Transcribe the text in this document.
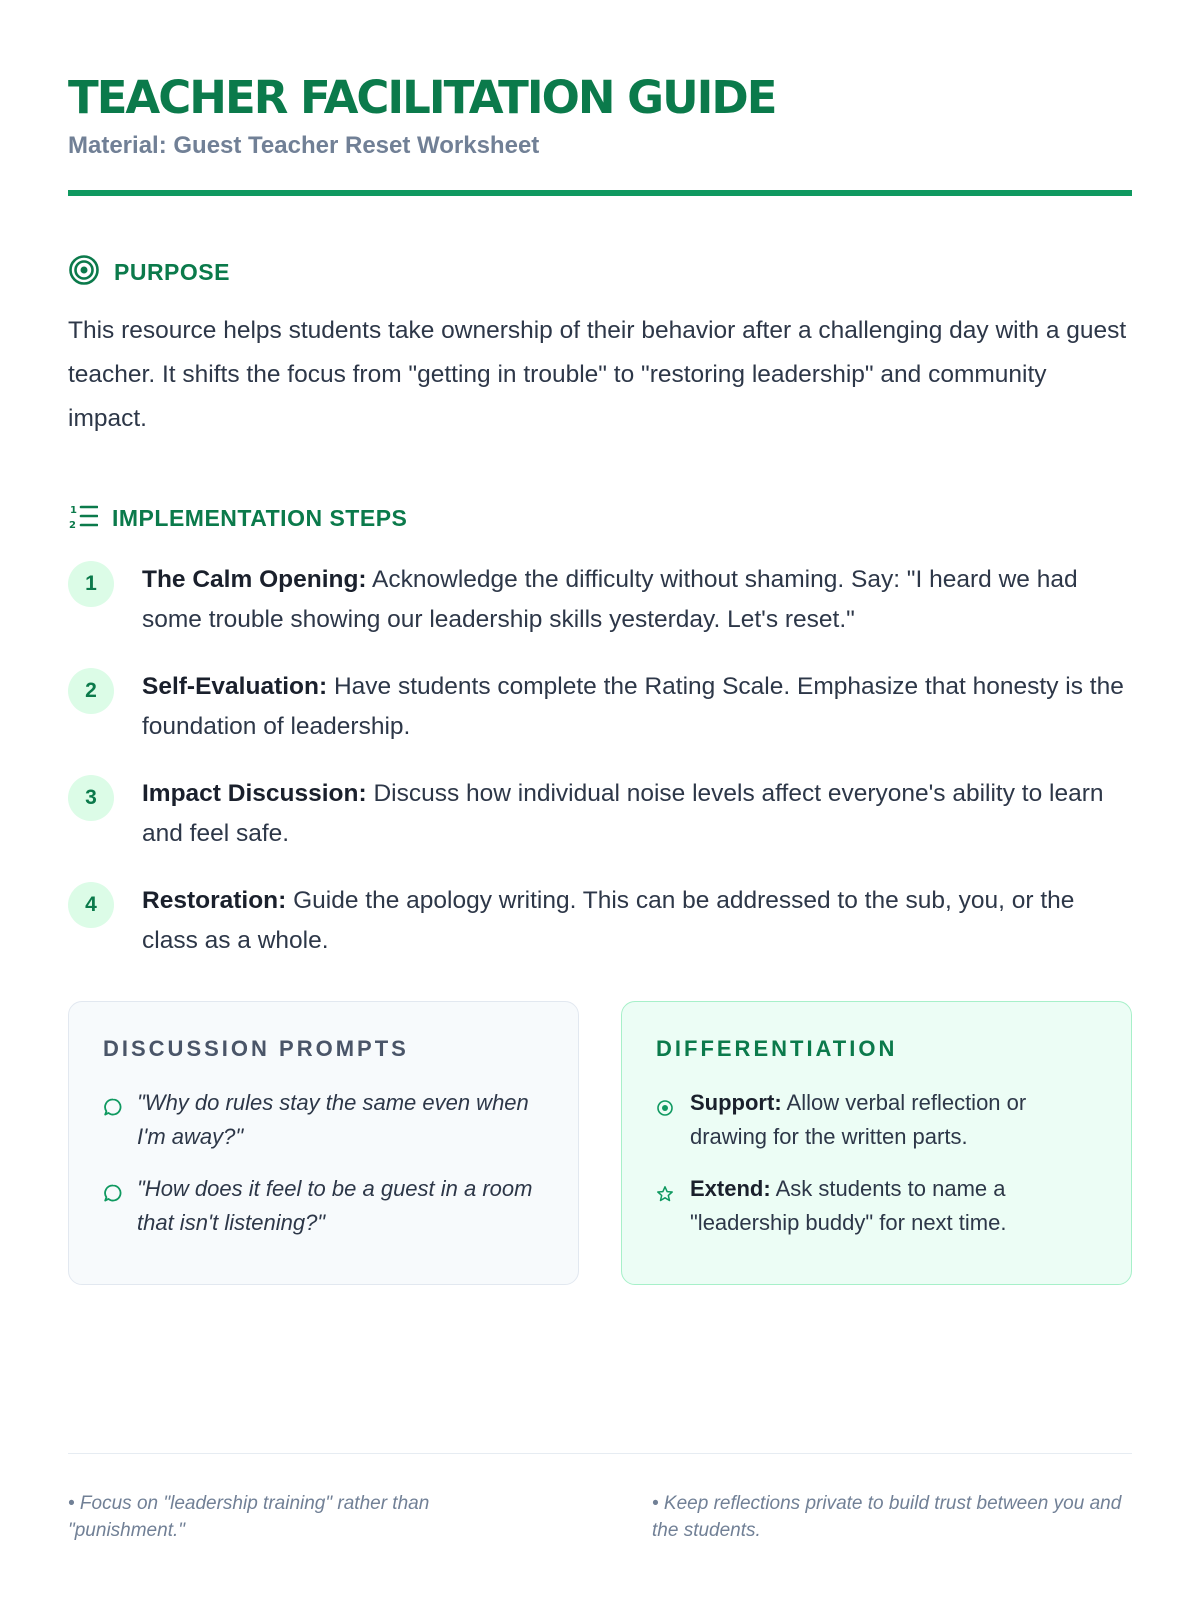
TEACHER FACILITATION GUIDE
Material: Guest Teacher Reset Worksheet
PURPOSE
This resource helps students take ownership of their behavior after a challenging day with a guest teacher. It shifts the focus from "getting in trouble" to "restoring leadership" and community impact.
1
2 IMPLEMENTATION STEPS
1	The Calm Opening: Acknowledge the difficulty without shaming. Say: "I heard we had some trouble showing our leadership skills yesterday. Let's reset."
2	Self-Evaluation: Have students complete the Rating Scale. Emphasize that honesty is the foundation of leadership.
3	Impact Discussion: Discuss how individual noise levels affect everyone's ability to learn and feel safe.
4	Restoration: Guide the apology writing. This can be addressed to the sub, you, or the class as a whole.
DISCUSSION PROMPTS
"Why do rules stay the same even when I'm away?"
"How does it feel to be a guest in a room that isn't listening?"
DIFFERENTIATION
Support: Allow verbal reflection or drawing for the written parts.
Extend: Ask students to name a "leadership buddy" for next time.
• Focus on "leadership training" rather than "punishment."
• Keep reflections private to build trust between you and the students.
